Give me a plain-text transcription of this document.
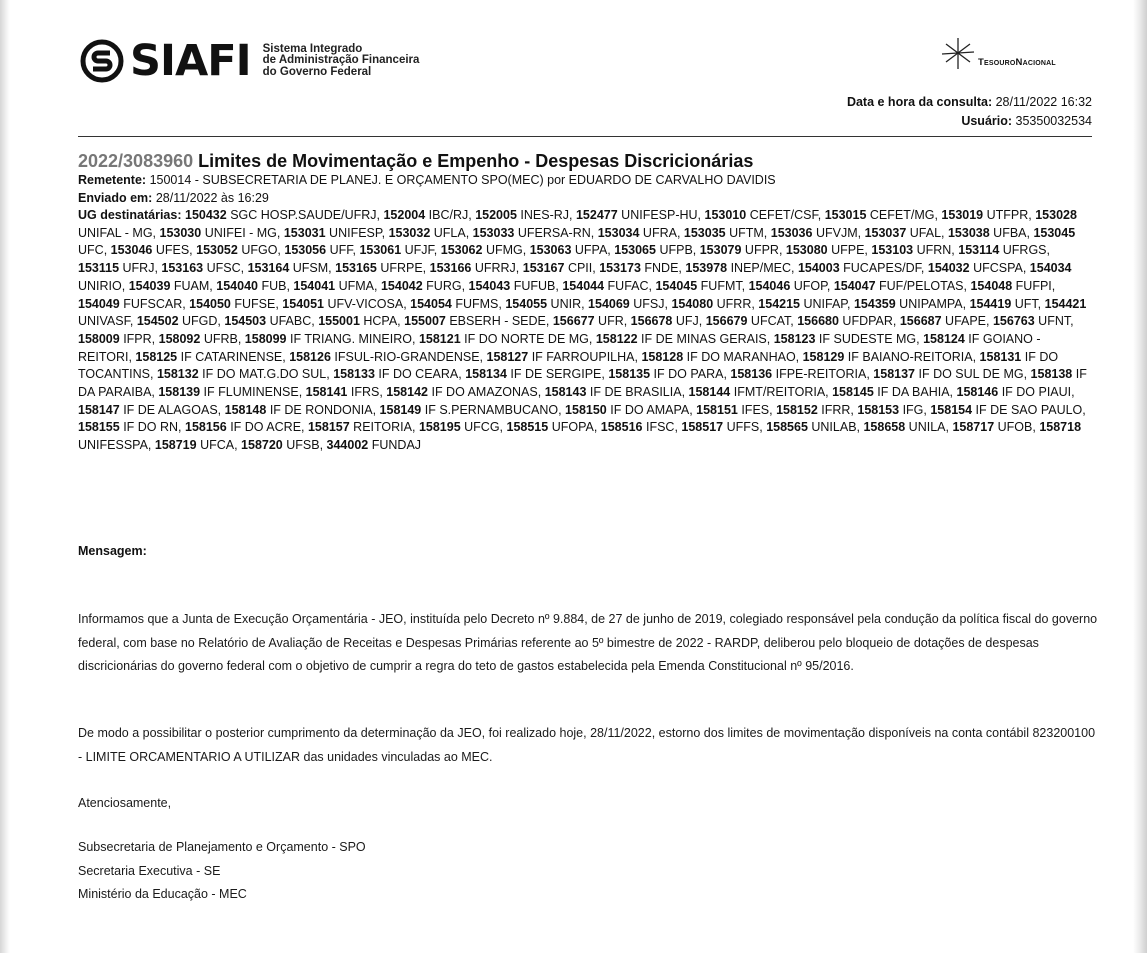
SIAFI Sistema Integrado
de Administração Financeira
do Governo Federal
TesouroNacional
Data e hora da consulta: 28/11/2022 16:32
Usuário: 35350032534
2022/3083960 Limites de Movimentação e Empenho - Despesas Discricionárias
Remetente: 150014 - SUBSECRETARIA DE PLANEJ. E ORÇAMENTO SPO(MEC) por EDUARDO DE CARVALHO DAVIDIS
Enviado em: 28/11/2022 às 16:29
UG destinatárias: 150432 SGC HOSP.SAUDE/UFRJ, 152004 IBC/RJ, 152005 INES-RJ, 152477 UNIFESP-HU, 153010 CEFET/CSF, 153015 CEFET/MG, 153019 UTFPR, 153028 UNIFAL - MG, 153030 UNIFEI - MG, 153031 UNIFESP, 153032 UFLA, 153033 UFERSA-RN, 153034 UFRA, 153035 UFTM, 153036 UFVJM, 153037 UFAL, 153038 UFBA, 153045 UFC, 153046 UFES, 153052 UFGO, 153056 UFF, 153061 UFJF, 153062 UFMG, 153063 UFPA, 153065 UFPB, 153079 UFPR, 153080 UFPE, 153103 UFRN, 153114 UFRGS, 153115 UFRJ, 153163 UFSC, 153164 UFSM, 153165 UFRPE, 153166 UFRRJ, 153167 CPII, 153173 FNDE, 153978 INEP/MEC, 154003 FUCAPES/DF, 154032 UFCSPA, 154034 UNIRIO, 154039 FUAM, 154040 FUB, 154041 UFMA, 154042 FURG, 154043 FUFUB, 154044 FUFAC, 154045 FUFMT, 154046 UFOP, 154047 FUF/PELOTAS, 154048 FUFPI, 154049 FUFSCAR, 154050 FUFSE, 154051 UFV-VICOSA, 154054 FUFMS, 154055 UNIR, 154069 UFSJ, 154080 UFRR, 154215 UNIFAP, 154359 UNIPAMPA, 154419 UFT, 154421 UNIVASF, 154502 UFGD, 154503 UFABC, 155001 HCPA, 155007 EBSERH - SEDE, 156677 UFR, 156678 UFJ, 156679 UFCAT, 156680 UFDPAR, 156687 UFAPE, 156763 UFNT, 158009 IFPR, 158092 UFRB, 158099 IF TRIANG. MINEIRO, 158121 IF DO NORTE DE MG, 158122 IF DE MINAS GERAIS, 158123 IF SUDESTE MG, 158124 IF GOIANO - REITORI, 158125 IF CATARINENSE, 158126 IFSUL-RIO-GRANDENSE, 158127 IF FARROUPILHA, 158128 IF DO MARANHAO, 158129 IF BAIANO-REITORIA, 158131 IF DO TOCANTINS, 158132 IF DO MAT.G.DO SUL, 158133 IF DO CEARA, 158134 IF DE SERGIPE, 158135 IF DO PARA, 158136 IFPE-REITORIA, 158137 IF DO SUL DE MG, 158138 IF DA PARAIBA, 158139 IF FLUMINENSE, 158141 IFRS, 158142 IF DO AMAZONAS, 158143 IF DE BRASILIA, 158144 IFMT/REITORIA, 158145 IF DA BAHIA, 158146 IF DO PIAUI, 158147 IF DE ALAGOAS, 158148 IF DE RONDONIA, 158149 IF S.PERNAMBUCANO, 158150 IF DO AMAPA, 158151 IFES, 158152 IFRR, 158153 IFG, 158154 IF DE SAO PAULO, 158155 IF DO RN, 158156 IF DO ACRE, 158157 REITORIA, 158195 UFCG, 158515 UFOPA, 158516 IFSC, 158517 UFFS, 158565 UNILAB, 158658 UNILA, 158717 UFOB, 158718 UNIFESSPA, 158719 UFCA, 158720 UFSB, 344002 FUNDAJ
Mensagem:
Informamos que a Junta de Execução Orçamentária - JEO, instituída pelo Decreto nº 9.884, de 27 de junho de 2019, colegiado responsável pela condução da política fiscal do governo federal, com base no Relatório de Avaliação de Receitas e Despesas Primárias referente ao 5º bimestre de 2022 - RARDP, deliberou pelo bloqueio de dotações de despesas discricionárias do governo federal com o objetivo de cumprir a regra do teto de gastos estabelecida pela Emenda Constitucional nº 95/2016.
De modo a possibilitar o posterior cumprimento da determinação da JEO, foi realizado hoje, 28/11/2022, estorno dos limites de movimentação disponíveis na conta contábil 823200100 - LIMITE ORCAMENTARIO A UTILIZAR das unidades vinculadas ao MEC.
Atenciosamente,
Subsecretaria de Planejamento e Orçamento - SPO
Secretaria Executiva - SE
Ministério da Educação - MEC
